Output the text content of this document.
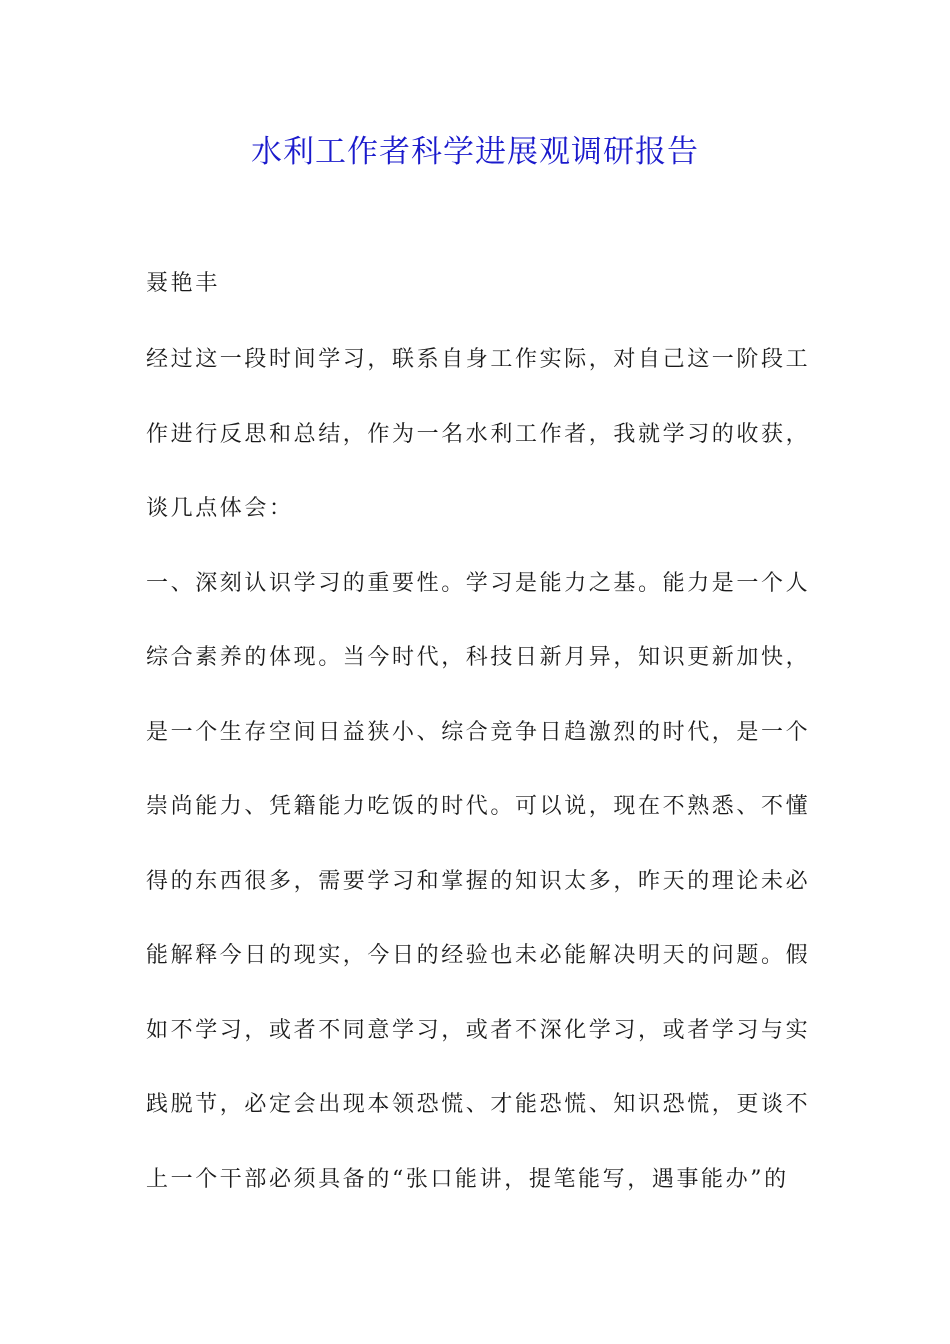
水利工作者科学进展观调研报告
聂艳丰
经过这一段时间学习，联系自身工作实际，对自己这一阶段工
作进行反思和总结，作为一名水利工作者，我就学习的收获，
谈几点体会：
一、深刻认识学习的重要性。学习是能力之基。能力是一个人
综合素养的体现。当今时代，科技日新月异，知识更新加快，
是一个生存空间日益狭小、综合竞争日趋激烈的时代，是一个
崇尚能力、凭籍能力吃饭的时代。可以说，现在不熟悉、不懂
得的东西很多，需要学习和掌握的知识太多，昨天的理论未必
能解释今日的现实，今日的经验也未必能解决明天的问题。假
如不学习，或者不同意学习，或者不深化学习，或者学习与实
践脱节，必定会出现本领恐慌、才能恐慌、知识恐慌，更谈不
上一个干部必须具备的“张口能讲，提笔能写，遇事能办”的
